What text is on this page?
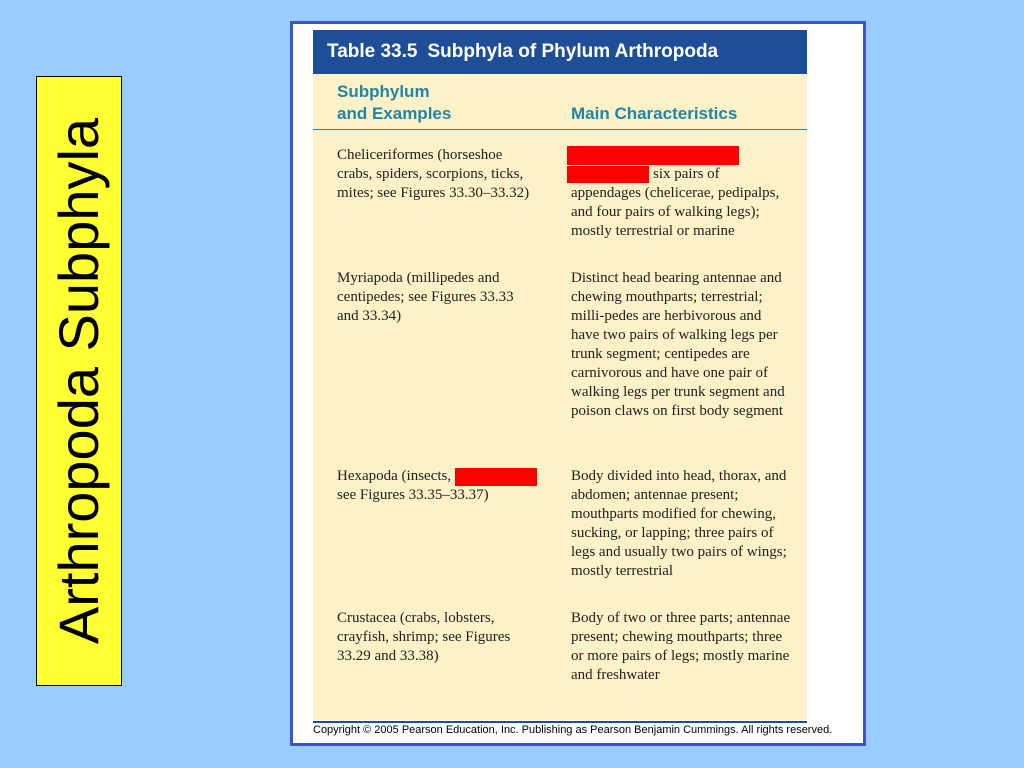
Arthropoda Subphyla
Table 33.5 Subphyla of Phylum Arthropoda
Subphylum
and Examples	Main Characteristics
Cheliceriformes (horseshoe crabs, spiders, scorpions, ticks, mites; see Figures 33.30–33.32)
six pairs of appendages (chelicerae, pedipalps, and four pairs of walking legs); mostly terrestrial or marine
Myriapoda (millipedes and centipedes; see Figures 33.33 and 33.34)
Distinct head bearing antennae and chewing mouthparts; terrestrial; milli-pedes are herbivorous and have two pairs of walking legs per trunk segment; centipedes are carnivorous and have one pair of walking legs per trunk segment and poison claws on first body segment
Hexapoda (insects,  see Figures 33.35–33.37)
Body divided into head, thorax, and abdomen; antennae present; mouthparts modified for chewing, sucking, or lapping; three pairs of legs and usually two pairs of wings; mostly terrestrial
Crustacea (crabs, lobsters, crayfish, shrimp; see Figures 33.29 and 33.38)
Body of two or three parts; antennae present; chewing mouthparts; three or more pairs of legs; mostly marine and freshwater
Copyright © 2005 Pearson Education, Inc. Publishing as Pearson Benjamin Cummings. All rights reserved.
